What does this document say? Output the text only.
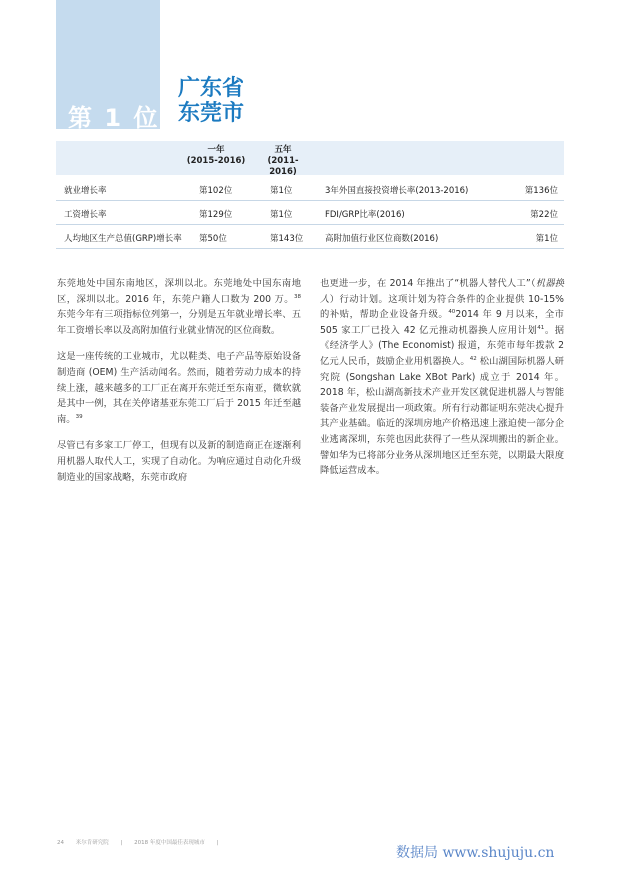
第 1 位
广东省
东莞市
一年
(2015-2016)
五年
(2011-2016)
就业增长率	第102位	第1位	3年外国直接投资增长率(2013-2016)	第136位
工资增长率	第129位	第1位	FDI/GRP比率(2016)	第22位
人均地区生产总值(GRP)增长率 第50位	第143位	高附加值行业区位商数(2016)	第1位

东莞地处中国东南地区，深圳以北。东莞地处中国东南地区，深圳以北。2016 年，东莞户籍人口数为 200 万。$^{38}$ 东莞今年有三项指标位列第一，分别是五年就业增长率、五年工资增长率以及高附加值行业就业情况的区位商数。

这是一座传统的工业城市，尤以鞋类、电子产品等原始设备制造商 (OEM) 生产活动闻名。然而，随着劳动力成本的持续上涨，越来越多的工厂正在离开东莞迁至东南亚，微软就是其中一例，其在关停诸基亚东莞工厂后于 2015 年迁至越南。$^{39}$

尽管已有多家工厂停工，但现有以及新的制造商正在逐渐利用机器人取代人工，实现了自动化。为响应通过自动化升级制造业的国家战略，东莞市政府

也更进一步，在 2014 年推出了“机器人替代人工”（机器换人）行动计划。这项计划为符合条件的企业提供 10-15% 的补贴，帮助企业设备升级。$^{40}$2014 年 9 月以来，全市 505 家工厂已投入 42 亿元推动机器换人应用计划$^{41}$。据《经济学人》(The Economist) 报道，东莞市每年拨款 2 亿元人民币，鼓励企业用机器换人。$^{42}$ 松山湖国际机器人研究院 (Songshan Lake XBot Park) 成立于 2014 年。2018 年，松山湖高新技术产业开发区就促进机器人与智能装备产业发展提出一项政策。所有行动都证明东莞决心提升其产业基础。临近的深圳房地产价格迅速上涨迫使一部分企业逃离深圳，东莞也因此获得了一些从深圳搬出的新企业。譬如华为已将部分业务从深圳地区迁至东莞，以期最大限度降低运营成本。

24 米尔肯研究院 | 2018 年度中国最佳表现城市 |
数据局 www.shujuju.cn
